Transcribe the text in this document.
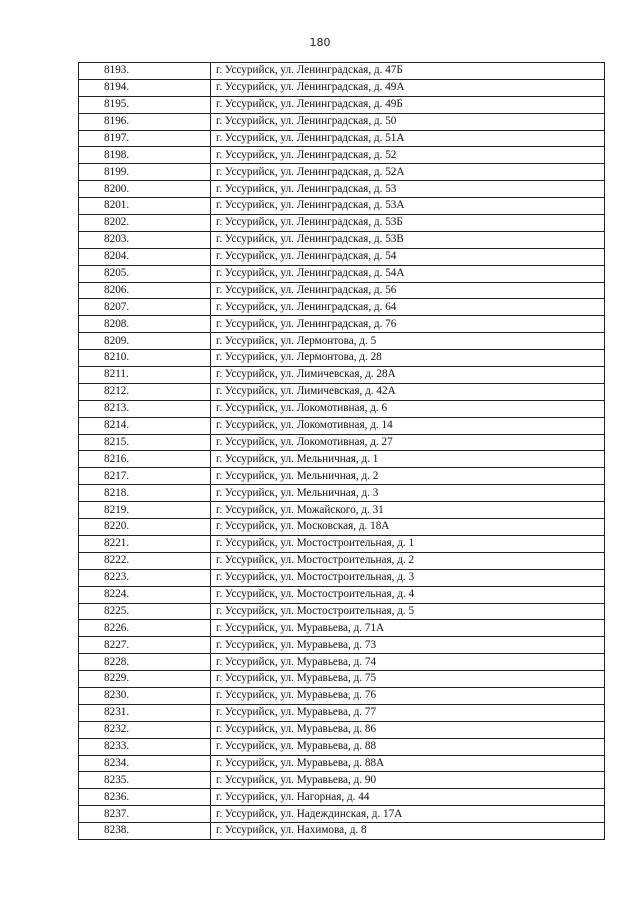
180
8193.	г. Уссурийск, ул. Ленинградская, д. 47Б
8194.	г. Уссурийск, ул. Ленинградская, д. 49А
8195.	г. Уссурийск, ул. Ленинградская, д. 49Б
8196.	г. Уссурийск, ул. Ленинградская, д. 50
8197.	г. Уссурийск, ул. Ленинградская, д. 51А
8198.	г. Уссурийск, ул. Ленинградская, д. 52
8199.	г. Уссурийск, ул. Ленинградская, д. 52А
8200.	г. Уссурийск, ул. Ленинградская, д. 53
8201.	г. Уссурийск, ул. Ленинградская, д. 53А
8202.	г. Уссурийск, ул. Ленинградская, д. 53Б
8203.	г. Уссурийск, ул. Ленинградская, д. 53В
8204.	г. Уссурийск, ул. Ленинградская, д. 54
8205.	г. Уссурийск, ул. Ленинградская, д. 54А
8206.	г. Уссурийск, ул. Ленинградская, д. 56
8207.	г. Уссурийск, ул. Ленинградская, д. 64
8208.	г. Уссурийск, ул. Ленинградская, д. 76
8209.	г. Уссурийск, ул. Лермонтова, д. 5
8210.	г. Уссурийск, ул. Лермонтова, д. 28
8211.	г. Уссурийск, ул. Лимичевская, д. 28А
8212.	г. Уссурийск, ул. Лимичевская, д. 42А
8213.	г. Уссурийск, ул. Локомотивная, д. 6
8214.	г. Уссурийск, ул. Локомотивная, д. 14
8215.	г. Уссурийск, ул. Локомотивная, д. 27
8216.	г. Уссурийск, ул. Мельничная, д. 1
8217.	г. Уссурийск, ул. Мельничная, д. 2
8218.	г. Уссурийск, ул. Мельничная, д. 3
8219.	г. Уссурийск, ул. Можайского, д. 31
8220.	г. Уссурийск, ул. Московская, д. 18А
8221.	г. Уссурийск, ул. Мостостроительная, д. 1
8222.	г. Уссурийск, ул. Мостостроительная, д. 2
8223.	г. Уссурийск, ул. Мостостроительная, д. 3
8224.	г. Уссурийск, ул. Мостостроительная, д. 4
8225.	г. Уссурийск, ул. Мостостроительная, д. 5
8226.	г. Уссурийск, ул. Муравьева, д. 71А
8227.	г. Уссурийск, ул. Муравьева, д. 73
8228.	г. Уссурийск, ул. Муравьева, д. 74
8229.	г. Уссурийск, ул. Муравьева, д. 75
8230.	г. Уссурийск, ул. Муравьева, д. 76
8231.	г. Уссурийск, ул. Муравьева, д. 77
8232.	г. Уссурийск, ул. Муравьева, д. 86
8233.	г. Уссурийск, ул. Муравьева, д. 88
8234.	г. Уссурийск, ул. Муравьева, д. 88А
8235.	г. Уссурийск, ул. Муравьева, д. 90
8236.	г. Уссурийск, ул. Нагорная, д. 44
8237.	г. Уссурийск, ул. Надеждинская, д. 17А
8238.	г. Уссурийск, ул. Нахимова, д. 8
